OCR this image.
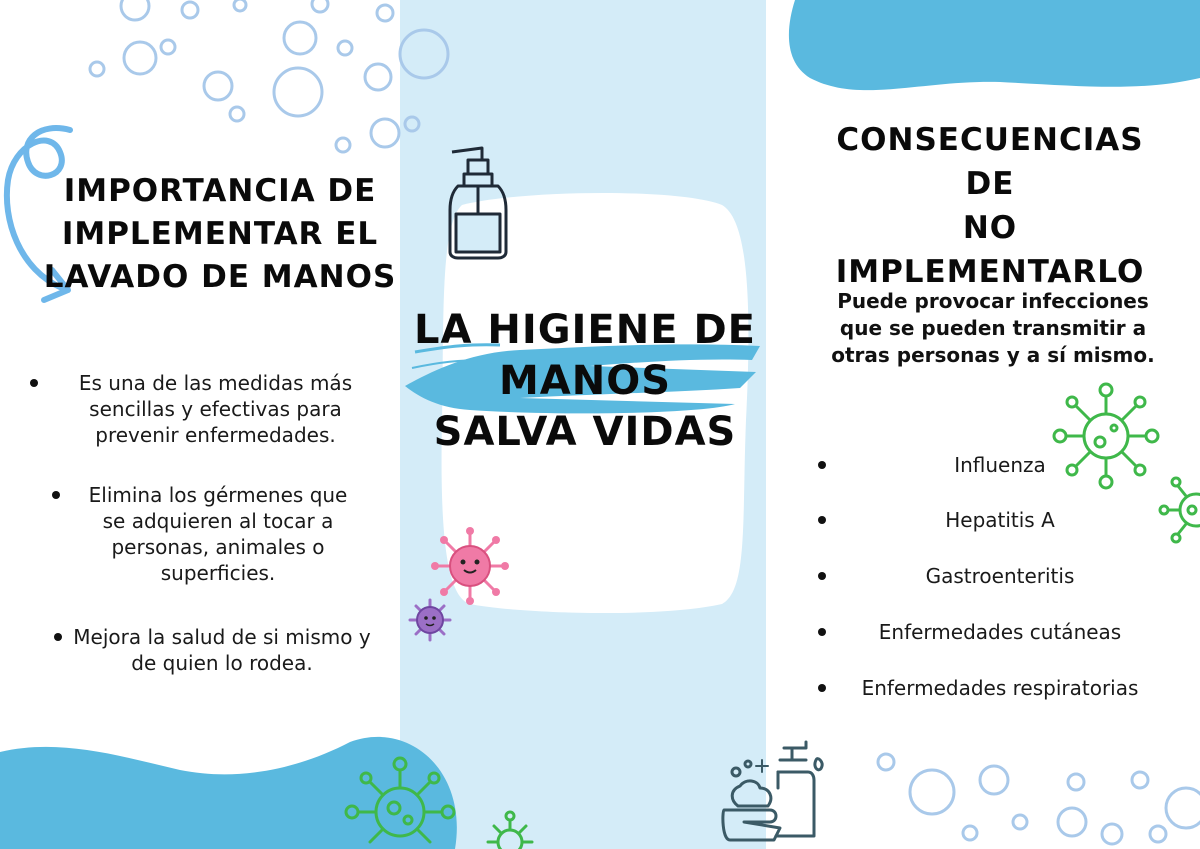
IMPORTANCIA DE
IMPLEMENTAR EL
LAVADO DE MANOS
Es una de las medidas más sencillas y efectivas para prevenir enfermedades.
Elimina los gérmenes que se adquieren al tocar a personas, animales o superficies.
Mejora la salud de si mismo y de quien lo rodea.
LA HIGIENE DE
MANOS
SALVA VIDAS
CONSECUENCIAS DE
NO
IMPLEMENTARLO

Puede provocar infecciones que se pueden transmitir a otras personas y a sí mismo.

Influenza
Hepatitis A
Gastroenteritis
Enfermedades cutáneas
Enfermedades respiratorias
